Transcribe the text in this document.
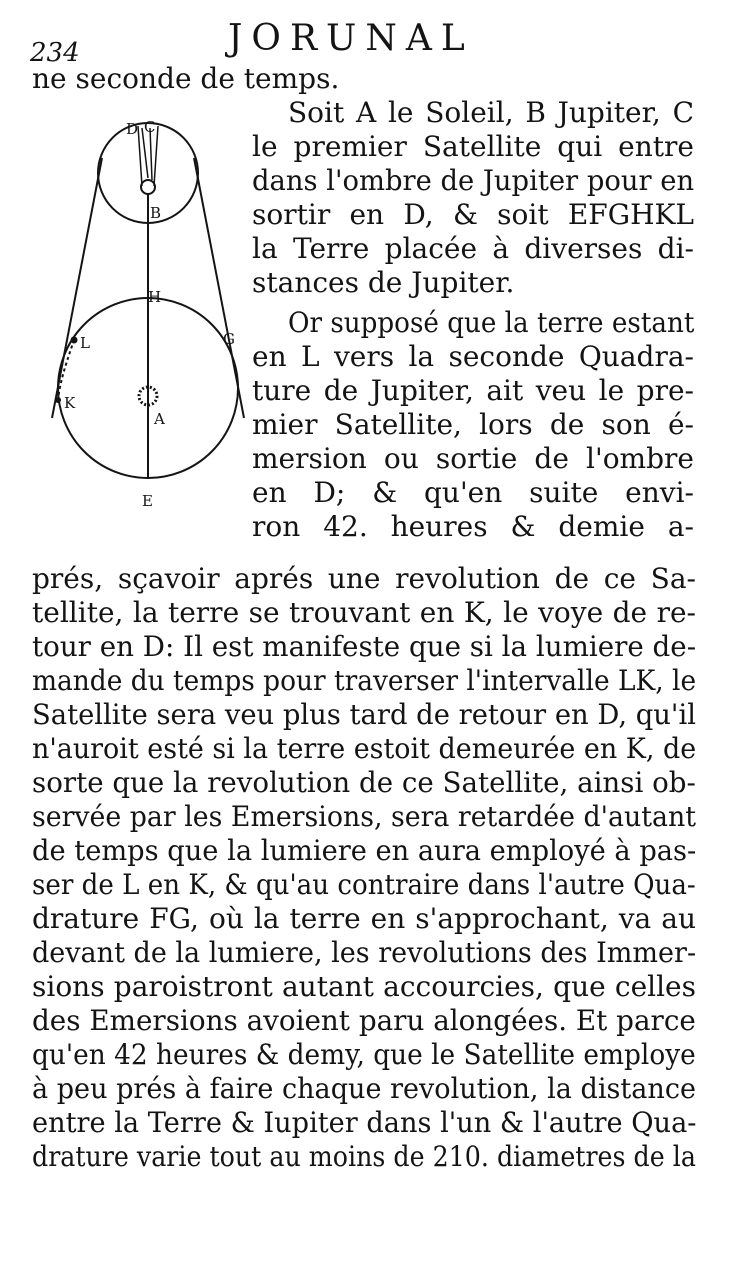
234	JORUNAL
D C
B
H
L	G
K
A
E
ne seconde de temps.
Soit A le Soleil, B Jupiter, C
le premier Satellite qui entre
dans l'ombre de Jupiter pour en
sortir en D, & soit EFGHKL
la Terre placée à diverses di-
stances de Jupiter.
Or supposé que la terre estant
en L vers la seconde Quadra-
ture de Jupiter, ait veu le pre-
mier Satellite, lors de son é-
mersion ou sortie de l'ombre
en D; & qu'en suite envi-
ron 42. heures & demie a-
prés, sçavoir aprés une revolution de ce Sa-
tellite, la terre se trouvant en K, le voye de re-
tour en D: Il est manifeste que si la lumiere de-
mande du temps pour traverser l'intervalle LK, le
Satellite sera veu plus tard de retour en D, qu'il
n'auroit esté si la terre estoit demeurée en K, de
sorte que la revolution de ce Satellite, ainsi ob-
servée par les Emersions, sera retardée d'autant
de temps que la lumiere en aura employé à pas-
ser de L en K, & qu'au contraire dans l'autre Qua-
drature FG, où la terre en s'approchant, va au
devant de la lumiere, les revolutions des Immer-
sions paroistront autant accourcies, que celles
des Emersions avoient paru alongées. Et parce
qu'en 42 heures & demy, que le Satellite employe
à peu prés à faire chaque revolution, la distance
entre la Terre & Iupiter dans l'un & l'autre Qua-
drature varie tout au moins de 210. diametres de la
